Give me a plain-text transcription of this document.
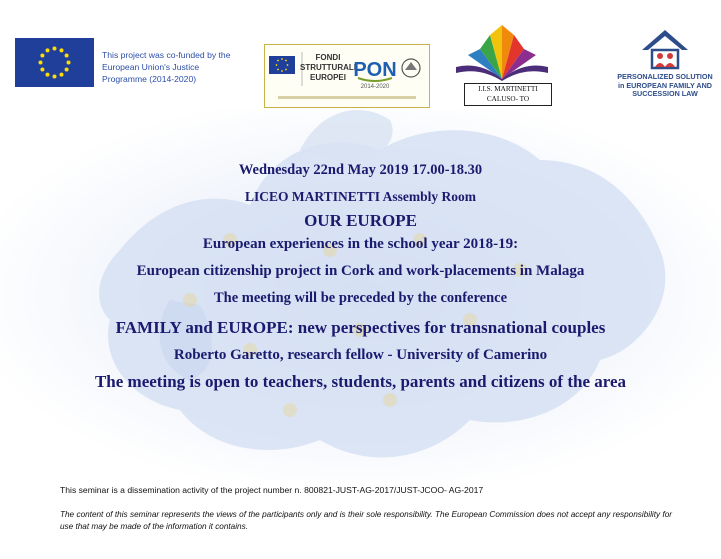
This project was co-funded by the European Union's Justice Programme (2014-2020)

FONDI
STRUTTURALI
EUROPEI PON
2014-2020	I.I.S. MARTINETTI
CALUSO- TO
PERSONALIZED SOLUTION
in EUROPEAN FAMILY AND
SUCCESSION LAW

Wednesday 22nd May 2019 17.00-18.30

LICEO MARTINETTI Assembly Room

OUR EUROPE

European experiences in the school year 2018-19:

European citizenship project in Cork and work-placements in Malaga

The meeting will be preceded by the conference

FAMILY and EUROPE: new perspectives for transnational couples

Roberto Garetto, research fellow - University of Camerino

The meeting is open to teachers, students, parents and citizens of the area

This seminar is a dissemination activity of the project number n. 800821-JUST-AG-2017/JUST-JCOO- AG-2017
The content of this seminar represents the views of the participants only and is their sole responsibility. The European Commission does not accept any responsibility for use that may be made of the information it contains.
